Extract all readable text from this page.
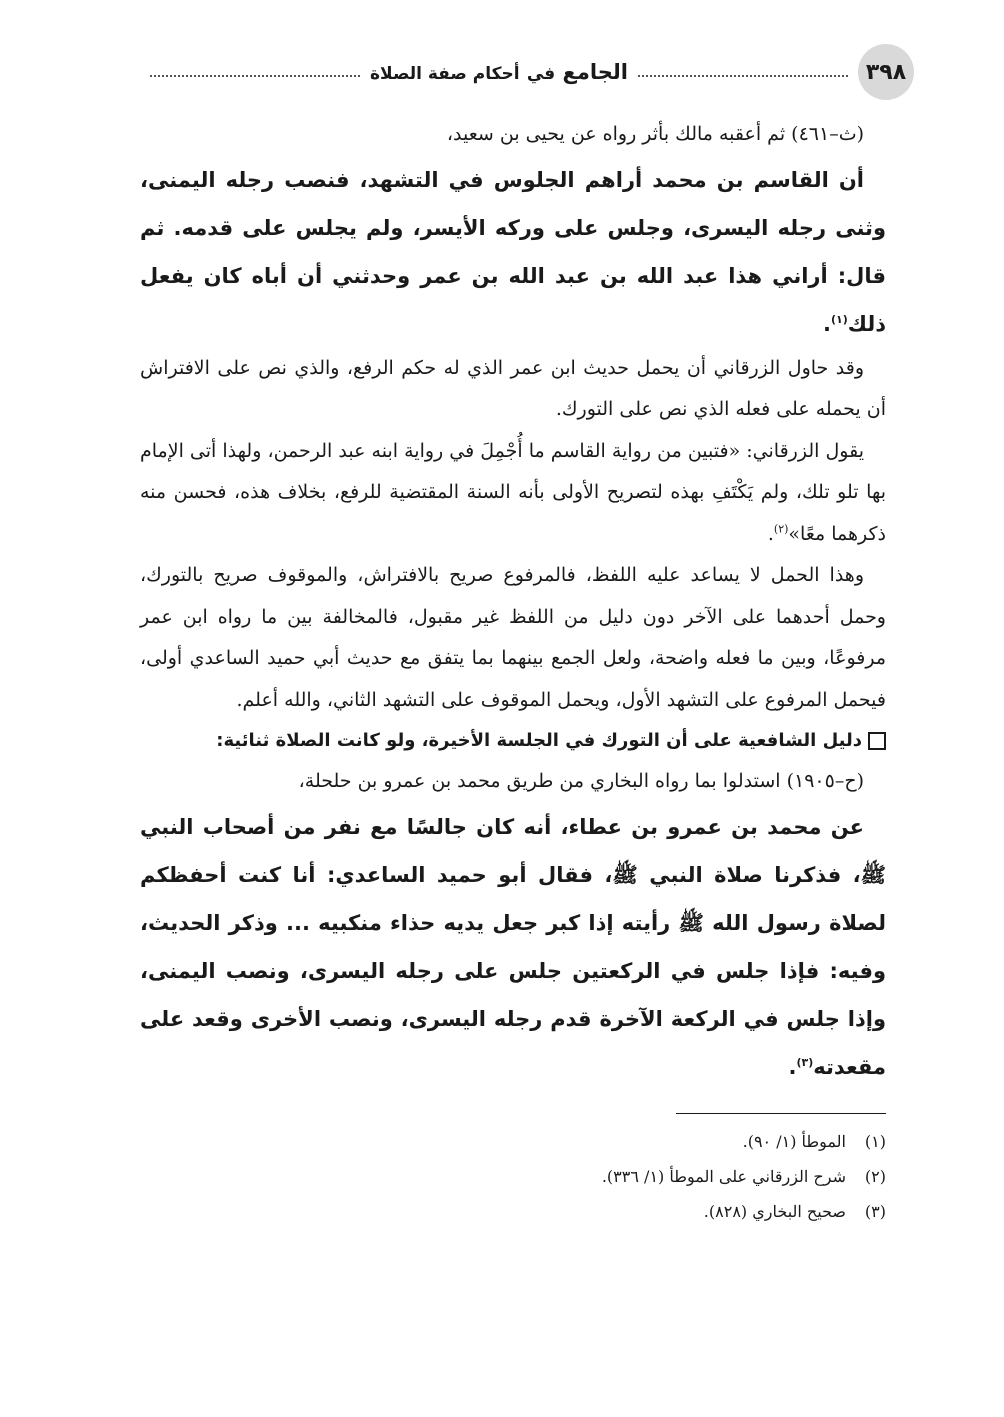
٣٩٨
الجامع في أحكام صفة الصلاة

(ث–٤٦١) ثم أعقبه مالك بأثر رواه عن يحيى بن سعيد،

أن القاسم بن محمد أراهم الجلوس في التشهد، فنصب رجله اليمنى، وثنى رجله اليسرى، وجلس على وركه الأيسر، ولم يجلس على قدمه. ثم قال: أراني هذا عبد الله بن عبد الله بن عمر وحدثني أن أباه كان يفعل ذلك$^{(١)}$.

وقد حاول الزرقاني أن يحمل حديث ابن عمر الذي له حكم الرفع، والذي نص على الافتراش أن يحمله على فعله الذي نص على التورك.

يقول الزرقاني: «فتبين من رواية القاسم ما أُجْمِلَ في رواية ابنه عبد الرحمن، ولهذا أتى الإمام بها تلو تلك، ولم يَكْتَفِ بهذه لتصريح الأولى بأنه السنة المقتضية للرفع، بخلاف هذه، فحسن منه ذكرهما معًا»$^{(٢)}$.

وهذا الحمل لا يساعد عليه اللفظ، فالمرفوع صريح بالافتراش، والموقوف صريح بالتورك، وحمل أحدهما على الآخر دون دليل من اللفظ غير مقبول، فالمخالفة بين ما رواه ابن عمر مرفوعًا، وبين ما فعله واضحة، ولعل الجمع بينهما بما يتفق مع حديث أبي حميد الساعدي أولى، فيحمل المرفوع على التشهد الأول، ويحمل الموقوف على التشهد الثاني، والله أعلم.

دليل الشافعية على أن التورك في الجلسة الأخيرة، ولو كانت الصلاة ثنائية:

(ح–١٩٠٥) استدلوا بما رواه البخاري من طريق محمد بن عمرو بن حلحلة،

عن محمد بن عمرو بن عطاء، أنه كان جالسًا مع نفر من أصحاب النبي ﷺ، فذكرنا صلاة النبي ﷺ، فقال أبو حميد الساعدي: أنا كنت أحفظكم لصلاة رسول الله ﷺ رأيته إذا كبر جعل يديه حذاء منكبيه ... وذكر الحديث، وفيه: فإذا جلس في الركعتين جلس على رجله اليسرى، ونصب اليمنى، وإذا جلس في الركعة الآخرة قدم رجله اليسرى، ونصب الأخرى وقعد على مقعدته$^{(٣)}$.

(١)
الموطأ (١/ ٩٠).
(٢)
شرح الزرقاني على الموطأ (١/ ٣٣٦).
(٣)
صحيح البخاري (٨٢٨).
